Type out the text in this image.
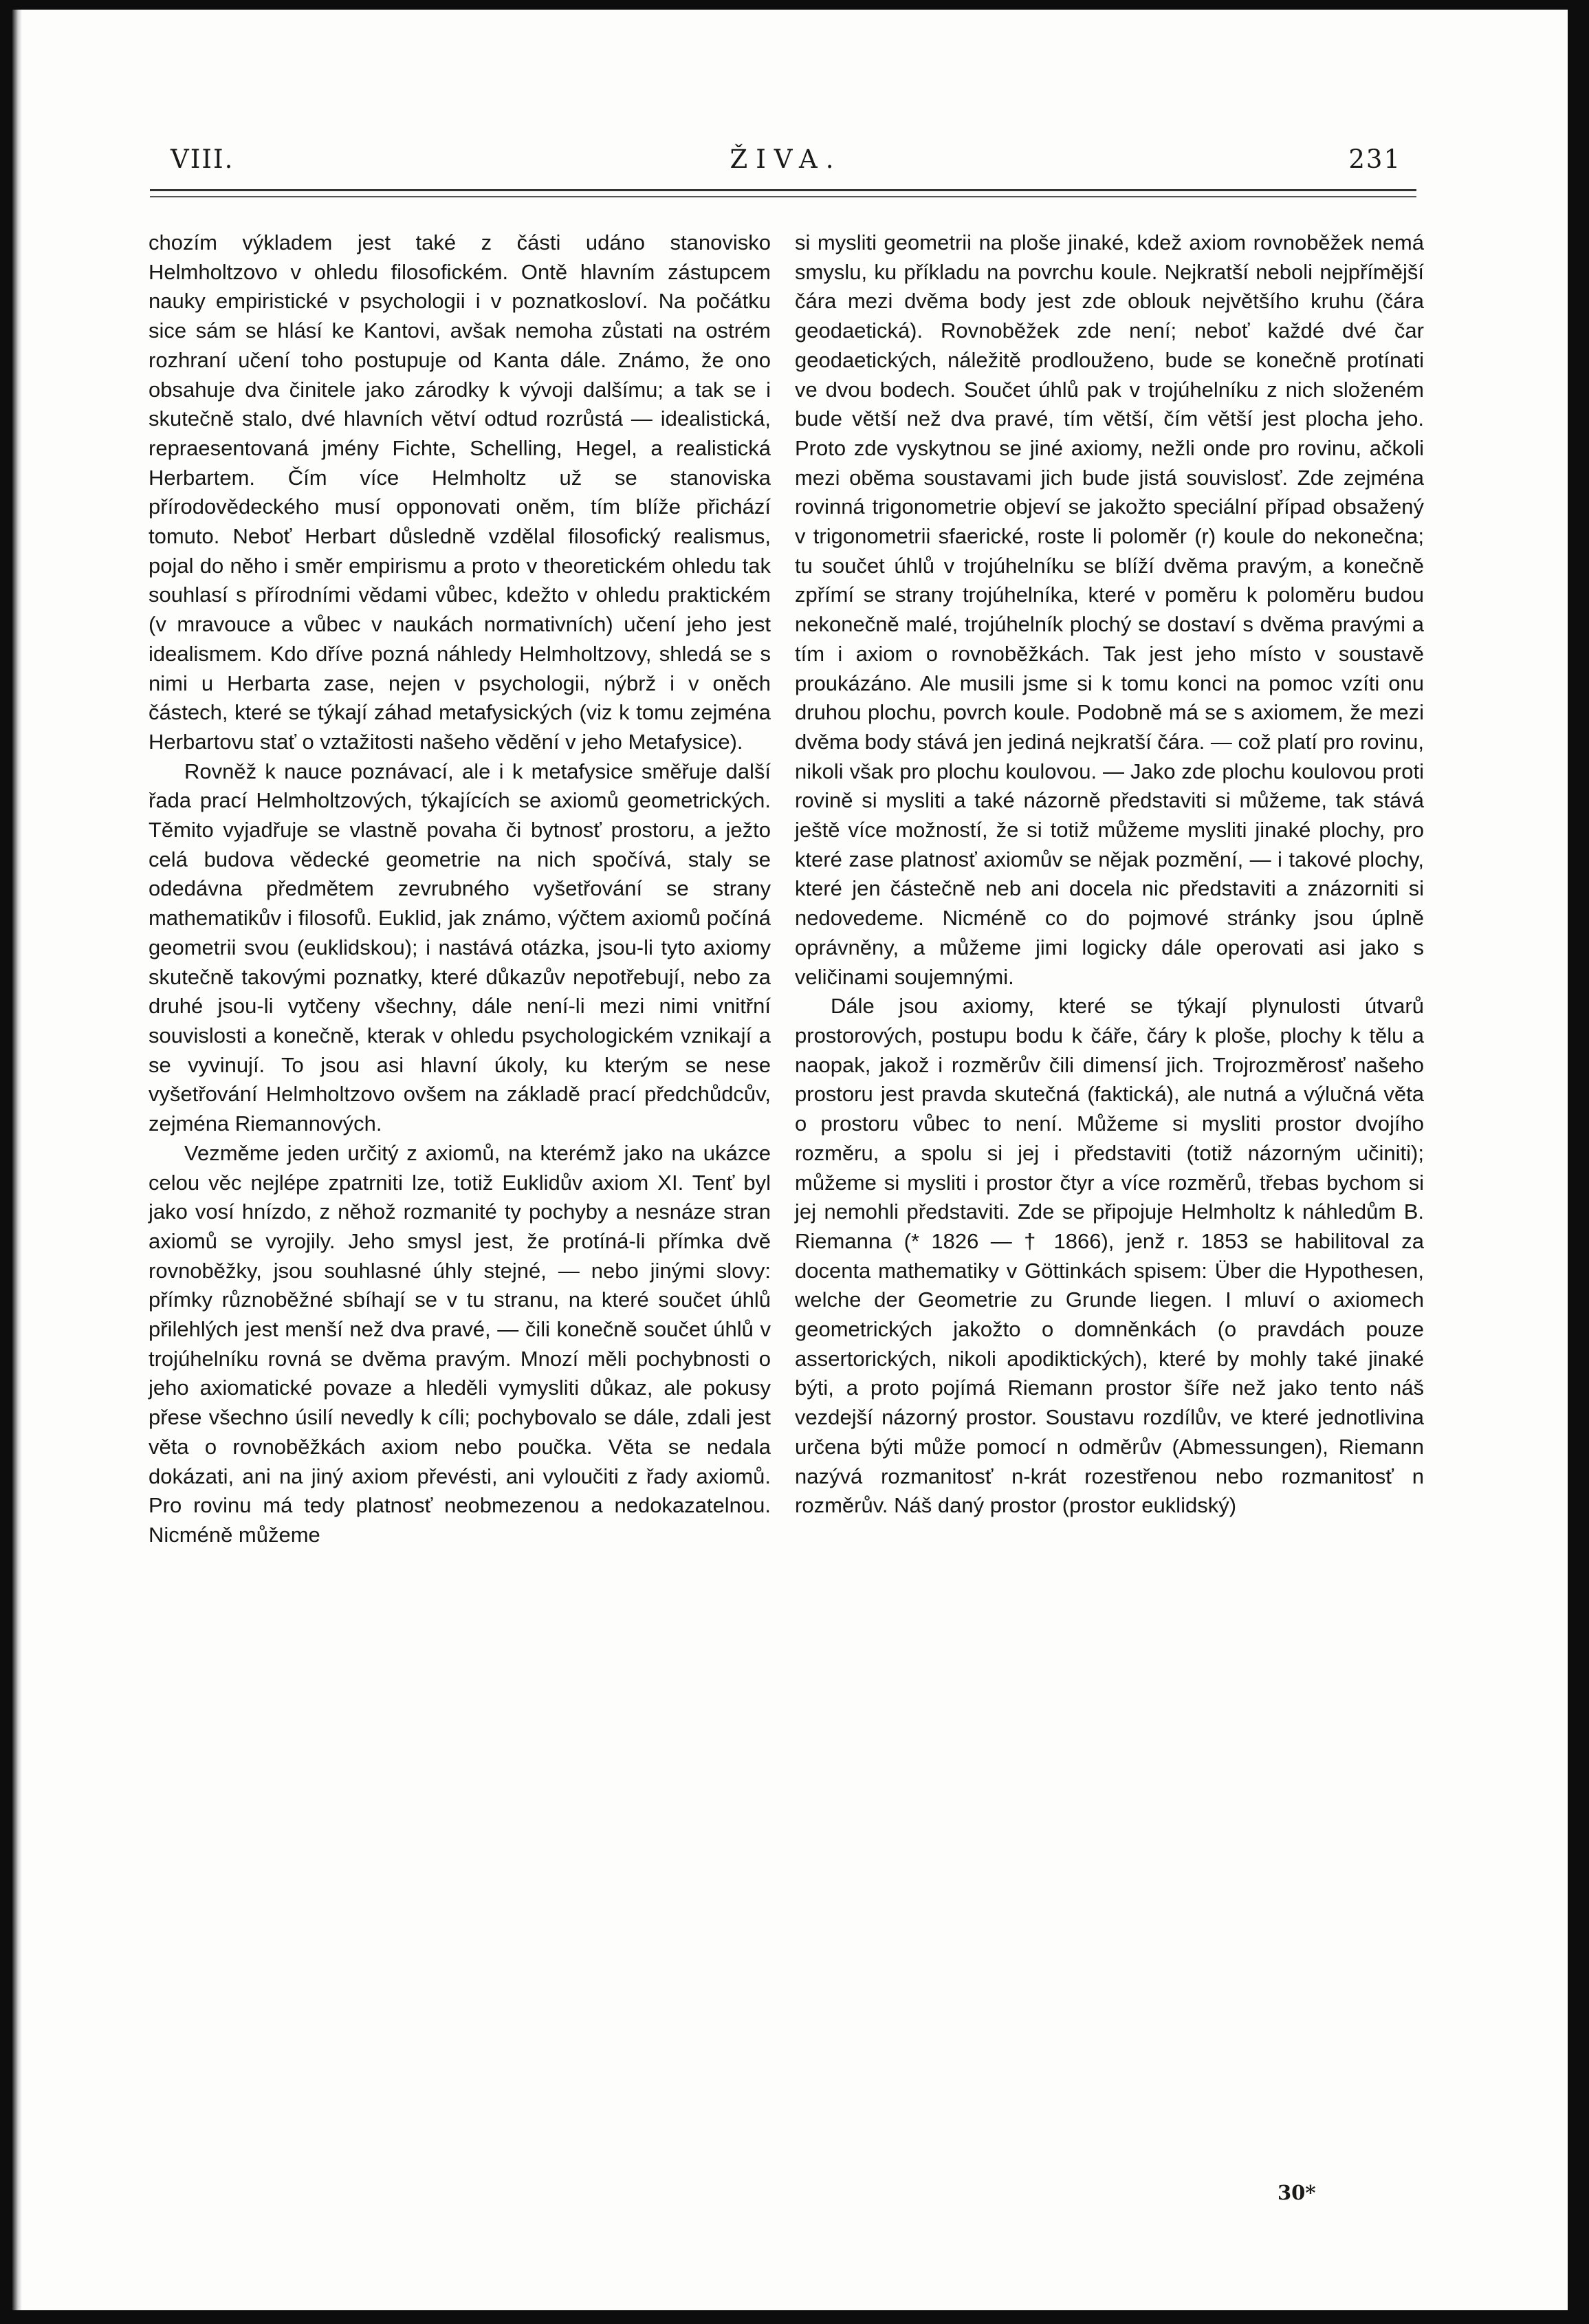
VIII.	ŽIVA.	231

chozím výkladem jest také z části udáno stanovisko Helmholtzovo v ohledu filosofickém. Ontě hlavním zástupcem nauky empiristické v psychologii i v poznatkosloví. Na počátku sice sám se hlásí ke Kantovi, avšak nemoha zůstati na ostrém rozhraní učení toho postupuje od Kanta dále. Známo, že ono obsahuje dva činitele jako zárodky k vývoji dalšímu; a tak se i skutečně stalo, dvé hlavních větví odtud rozrůstá — idealistická, repraesentovaná jmény Fichte, Schelling, Hegel, a realistická Herbartem. Čím více Helmholtz už se stanoviska přírodovědeckého musí opponovati oněm, tím blíže přichází tomuto. Neboť Herbart důsledně vzdělal filosofický realismus, pojal do něho i směr empirismu a proto v theoretickém ohledu tak souhlasí s přírodními vědami vůbec, kdežto v ohledu praktickém (v mravouce a vůbec v naukách normativních) učení jeho jest idealismem. Kdo dříve pozná náhledy Helmholtzovy, shledá se s nimi u Herbarta zase, nejen v psychologii, nýbrž i v oněch částech, které se týkají záhad metafysických (viz k tomu zejména Herbartovu stať o vztažitosti našeho vědění v jeho Metafysice).

Rovněž k nauce poznávací, ale i k metafysice směřuje další řada prací Helmholtzových, týkajících se axiomů geometrických. Těmito vyjadřuje se vlastně povaha či bytnosť prostoru, a ježto celá budova vědecké geometrie na nich spočívá, staly se odedávna předmětem zevrubného vyšetřování se strany mathematikův i filosofů. Euklid, jak známo, výčtem axiomů počíná geometrii svou (euklidskou); i nastává otázka, jsou-li tyto axiomy skutečně takovými poznatky, které důkazův nepotřebují, nebo za druhé jsou-li vytčeny všechny, dále není-li mezi nimi vnitřní souvislosti a konečně, kterak v ohledu psychologickém vznikají a se vyvinují. To jsou asi hlavní úkoly, ku kterým se nese vyšetřování Helmholtzovo ovšem na základě prací předchůdcův, zejména Riemannových.

Vezměme jeden určitý z axiomů, na kterémž jako na ukázce celou věc nejlépe zpatrniti lze, totiž Euklidův axiom XI. Tenť byl jako vosí hnízdo, z něhož rozmanité ty pochyby a nesnáze stran axiomů se vyrojily. Jeho smysl jest, že protíná-li přímka dvě rovnoběžky, jsou souhlasné úhly stejné, — nebo jinými slovy: přímky různoběžné sbíhají se v tu stranu, na které součet úhlů přilehlých jest menší než dva pravé, — čili konečně součet úhlů v trojúhelníku rovná se dvěma pravým. Mnozí měli pochybnosti o jeho axiomatické povaze a hleděli vymysliti důkaz, ale pokusy přese všechno úsilí nevedly k cíli; pochybovalo se dále, zdali jest věta o rovnoběžkách axiom nebo poučka. Věta se nedala dokázati, ani na jiný axiom převésti, ani vyloučiti z řady axiomů. Pro rovinu má tedy platnosť neobmezenou a nedokazatelnou. Nicméně můžeme

si mysliti geometrii na ploše jinaké, kdež axiom rovnoběžek nemá smyslu, ku příkladu na povrchu koule. Nejkratší neboli nejpřímější čára mezi dvěma body jest zde oblouk největšího kruhu (čára geodaetická). Rovnoběžek zde není; neboť každé dvé čar geodaetických, náležitě prodlouženo, bude se konečně protínati ve dvou bodech. Součet úhlů pak v trojúhelníku z nich složeném bude větší než dva pravé, tím větší, čím větší jest plocha jeho. Proto zde vyskytnou se jiné axiomy, nežli onde pro rovinu, ačkoli mezi oběma soustavami jich bude jistá souvislosť. Zde zejména rovinná trigonometrie objeví se jakožto speciální případ obsažený v trigonometrii sfaerické, roste li poloměr (r) koule do nekonečna; tu součet úhlů v trojúhelníku se blíží dvěma pravým, a konečně zpřímí se strany trojúhelníka, které v poměru k poloměru budou nekonečně malé, trojúhelník plochý se dostaví s dvěma pravými a tím i axiom o rovnoběžkách. Tak jest jeho místo v soustavě proukázáno. Ale musili jsme si k tomu konci na pomoc vzíti onu druhou plochu, povrch koule. Podobně má se s axiomem, že mezi dvěma body stává jen jediná nejkratší čára. — což platí pro rovinu, nikoli však pro plochu koulovou. — Jako zde plochu koulovou proti rovině si mysliti a také názorně představiti si můžeme, tak stává ještě více možností, že si totiž můžeme mysliti jinaké plochy, pro které zase platnosť axiomův se nějak pozmění, — i takové plochy, které jen částečně neb ani docela nic představiti a znázorniti si nedovedeme. Nicméně co do pojmové stránky jsou úplně oprávněny, a můžeme jimi logicky dále operovati asi jako s veličinami soujemnými.

Dále jsou axiomy, které se týkají plynulosti útvarů prostorových, postupu bodu k čáře, čáry k ploše, plochy k tělu a naopak, jakož i rozměrův čili dimensí jich. Trojrozměrosť našeho prostoru jest pravda skutečná (faktická), ale nutná a výlučná věta o prostoru vůbec to není. Můžeme si mysliti prostor dvojího rozměru, a spolu si jej i představiti (totiž názorným učiniti); můžeme si mysliti i prostor čtyr a více rozměrů, třebas bychom si jej nemohli představiti. Zde se připojuje Helmholtz k náhledům B. Riemanna (* 1826 — † 1866), jenž r. 1853 se habilitoval za docenta mathematiky v Göttinkách spisem: Über die Hypothesen, welche der Geometrie zu Grunde liegen. I mluví o axiomech geometrických jakožto o domněnkách (o pravdách pouze assertorických, nikoli apodiktických), které by mohly také jinaké býti, a proto pojímá Riemann prostor šíře než jako tento náš vezdejší názorný prostor. Soustavu rozdílův, ve které jednotlivina určena býti může pomocí n odměrův (Abmessungen), Riemann nazývá rozmanitosť n-krát rozestřenou nebo rozmanitosť n rozměrův. Náš daný prostor (prostor euklidský)

30*
